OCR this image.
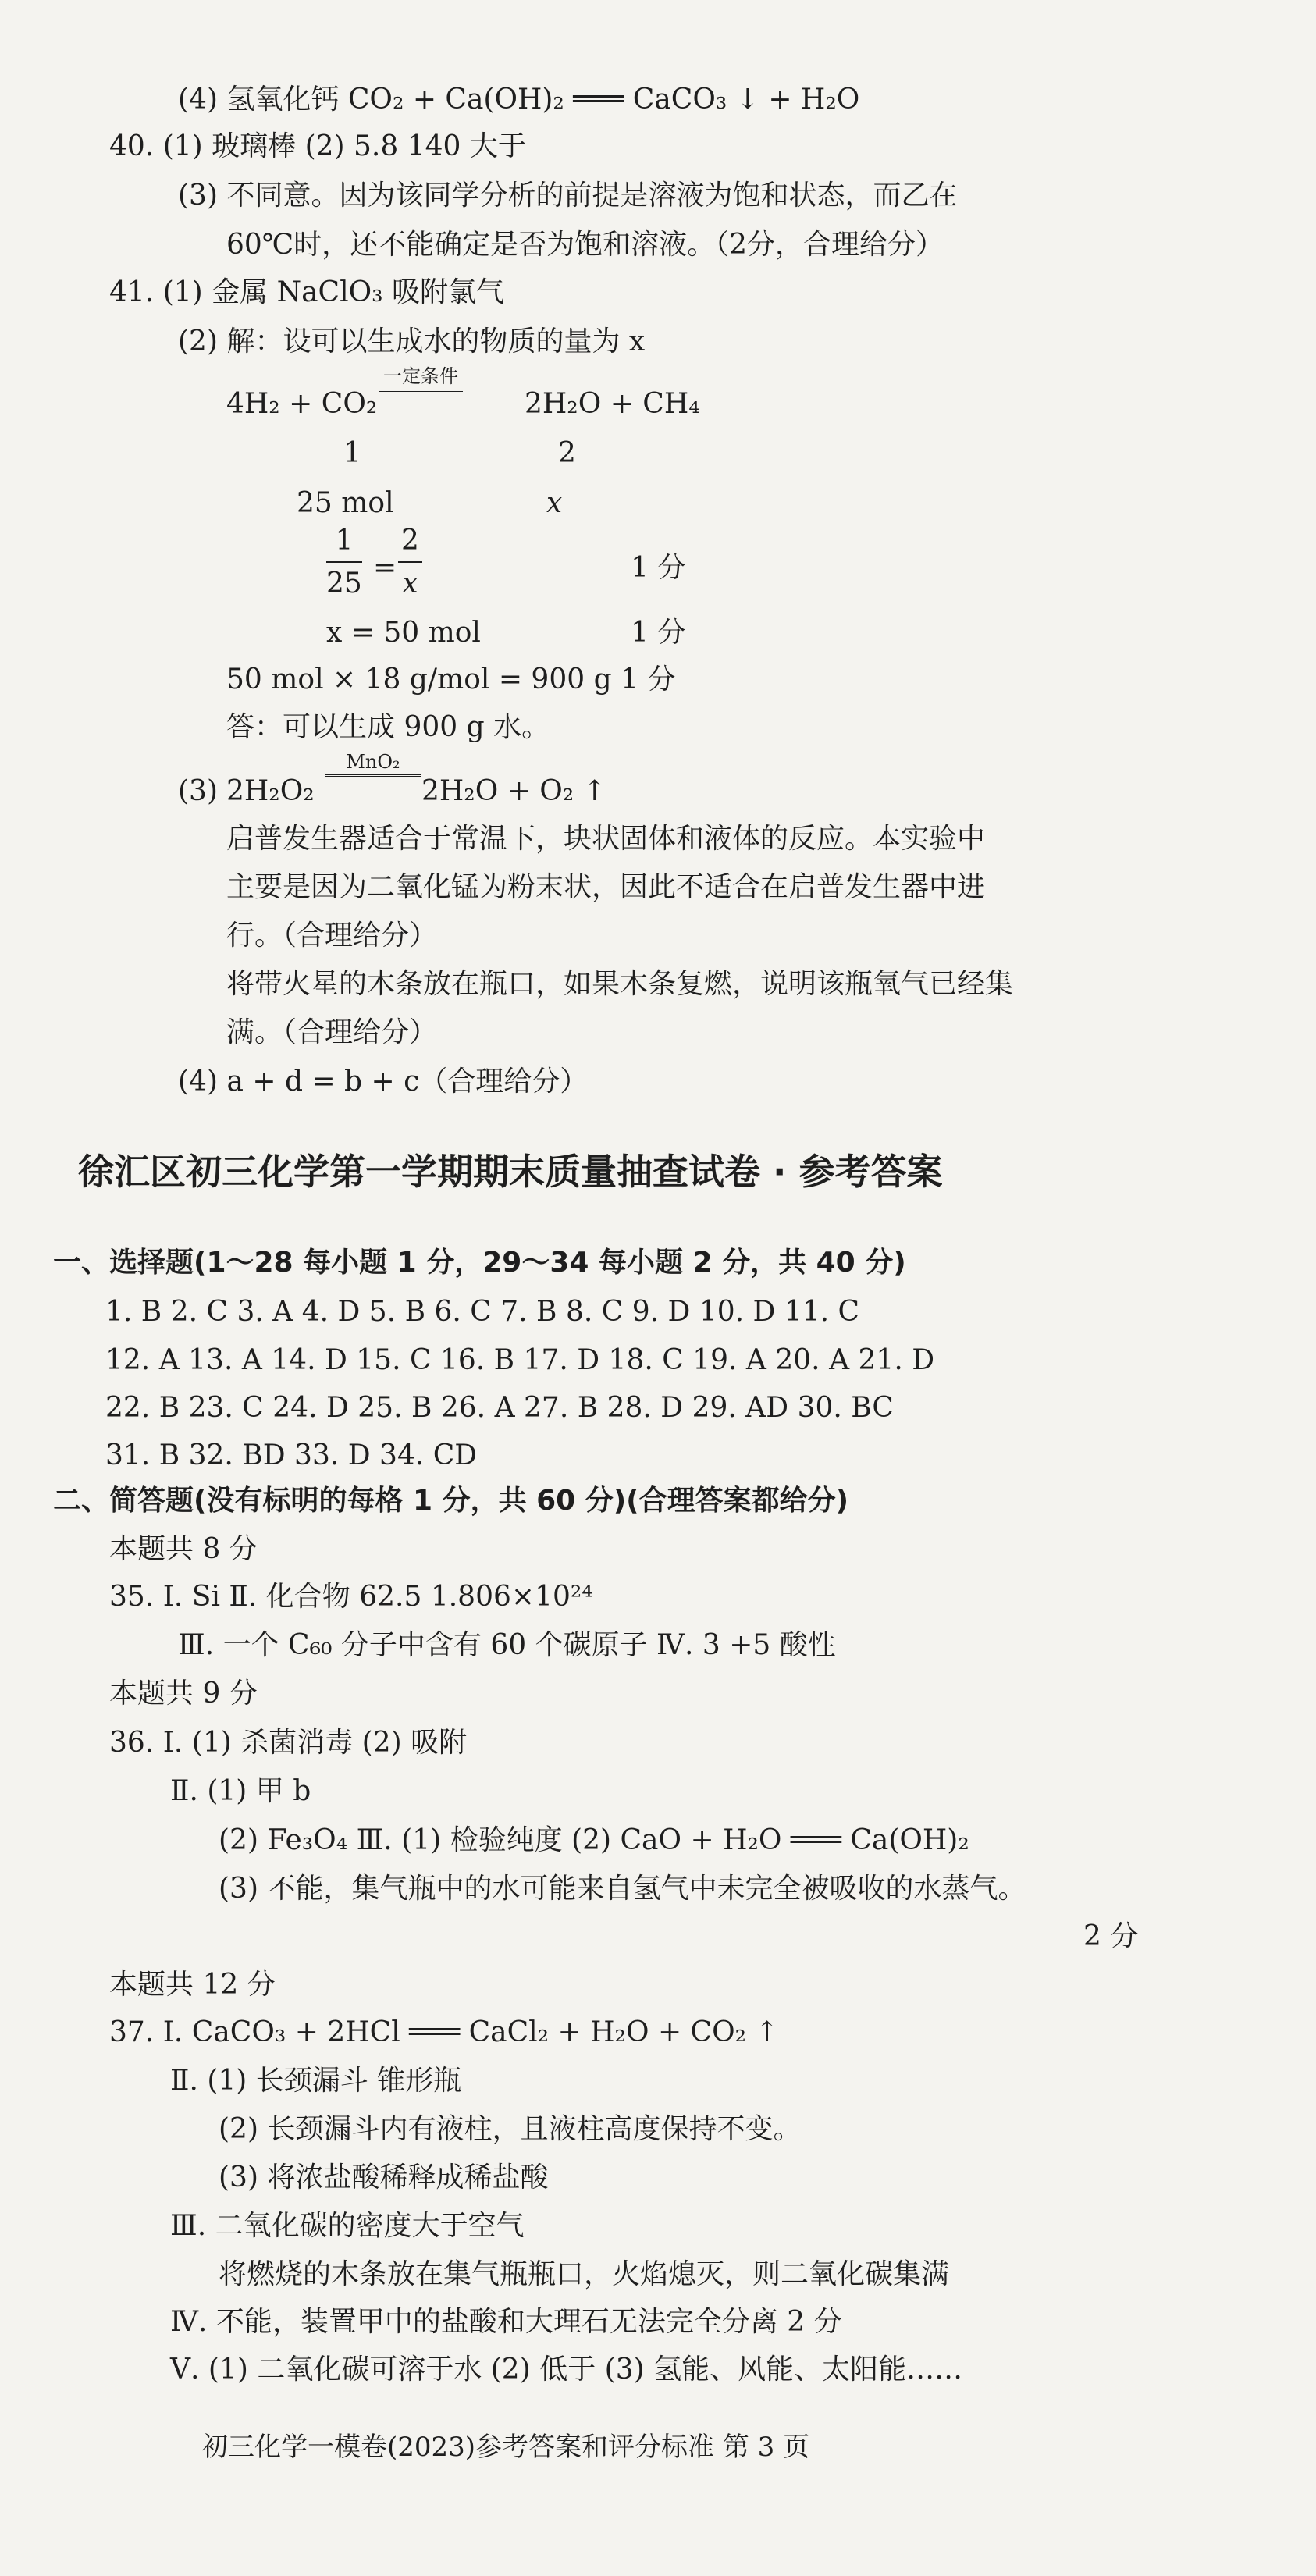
(4) 氢氧化钙 CO₂ + Ca(OH)₂ ═══ CaCO₃ ↓ + H₂O
40. (1) 玻璃棒 (2) 5.8 140 大于
(3) 不同意。因为该同学分析的前提是溶液为饱和状态，而乙在
60℃时，还不能确定是否为饱和溶液。（2分，合理给分）
41. (1) 金属 NaClO₃ 吸附氯气
(2) 解：设可以生成水的物质的量为 x
4H₂ + CO₂
一定条件
2H₂O + CH₄
1	2
25 mol	x
$\frac{1}{25} = \frac{2}{x}$	1 分
x = 50 mol	1 分
50 mol × 18 g/mol = 900 g 1 分
答：可以生成 900 g 水。
(3) 2H₂O₂
MnO₂
2H₂O + O₂ ↑
启普发生器适合于常温下，块状固体和液体的反应。本实验中
主要是因为二氧化锰为粉末状，因此不适合在启普发生器中进
行。（合理给分）
将带火星的木条放在瓶口，如果木条复燃，说明该瓶氧气已经集
满。（合理给分）
(4) a + d = b + c（合理给分）
徐汇区初三化学第一学期期末质量抽查试卷 · 参考答案
一、选择题(1～28 每小题 1 分，29～34 每小题 2 分，共 40 分)
1. B 2. C 3. A 4. D 5. B 6. C 7. B 8. C 9. D 10. D 11. C
12. A 13. A 14. D 15. C 16. B 17. D 18. C 19. A 20. A 21. D
22. B 23. C 24. D 25. B 26. A 27. B 28. D 29. AD 30. BC
31. B 32. BD 33. D 34. CD
二、简答题(没有标明的每格 1 分，共 60 分)(合理答案都给分)
本题共 8 分
35. Ⅰ. Si Ⅱ. 化合物 62.5 1.806×10²⁴
Ⅲ. 一个 C₆₀ 分子中含有 60 个碳原子 Ⅳ. 3 +5 酸性
本题共 9 分
36. Ⅰ. (1) 杀菌消毒 (2) 吸附
Ⅱ. (1) 甲 b
(2) Fe₃O₄ Ⅲ. (1) 检验纯度 (2) CaO + H₂O ═══ Ca(OH)₂
(3) 不能，集气瓶中的水可能来自氢气中未完全被吸收的水蒸气。
2 分
本题共 12 分
37. Ⅰ. CaCO₃ + 2HCl ═══ CaCl₂ + H₂O + CO₂ ↑
Ⅱ. (1) 长颈漏斗 锥形瓶
(2) 长颈漏斗内有液柱，且液柱高度保持不变。
(3) 将浓盐酸稀释成稀盐酸
Ⅲ. 二氧化碳的密度大于空气
将燃烧的木条放在集气瓶瓶口，火焰熄灭，则二氧化碳集满
Ⅳ. 不能，装置甲中的盐酸和大理石无法完全分离 2 分
Ⅴ. (1) 二氧化碳可溶于水 (2) 低于 (3) 氢能、风能、太阳能……
初三化学一模卷(2023)参考答案和评分标准 第 3 页
